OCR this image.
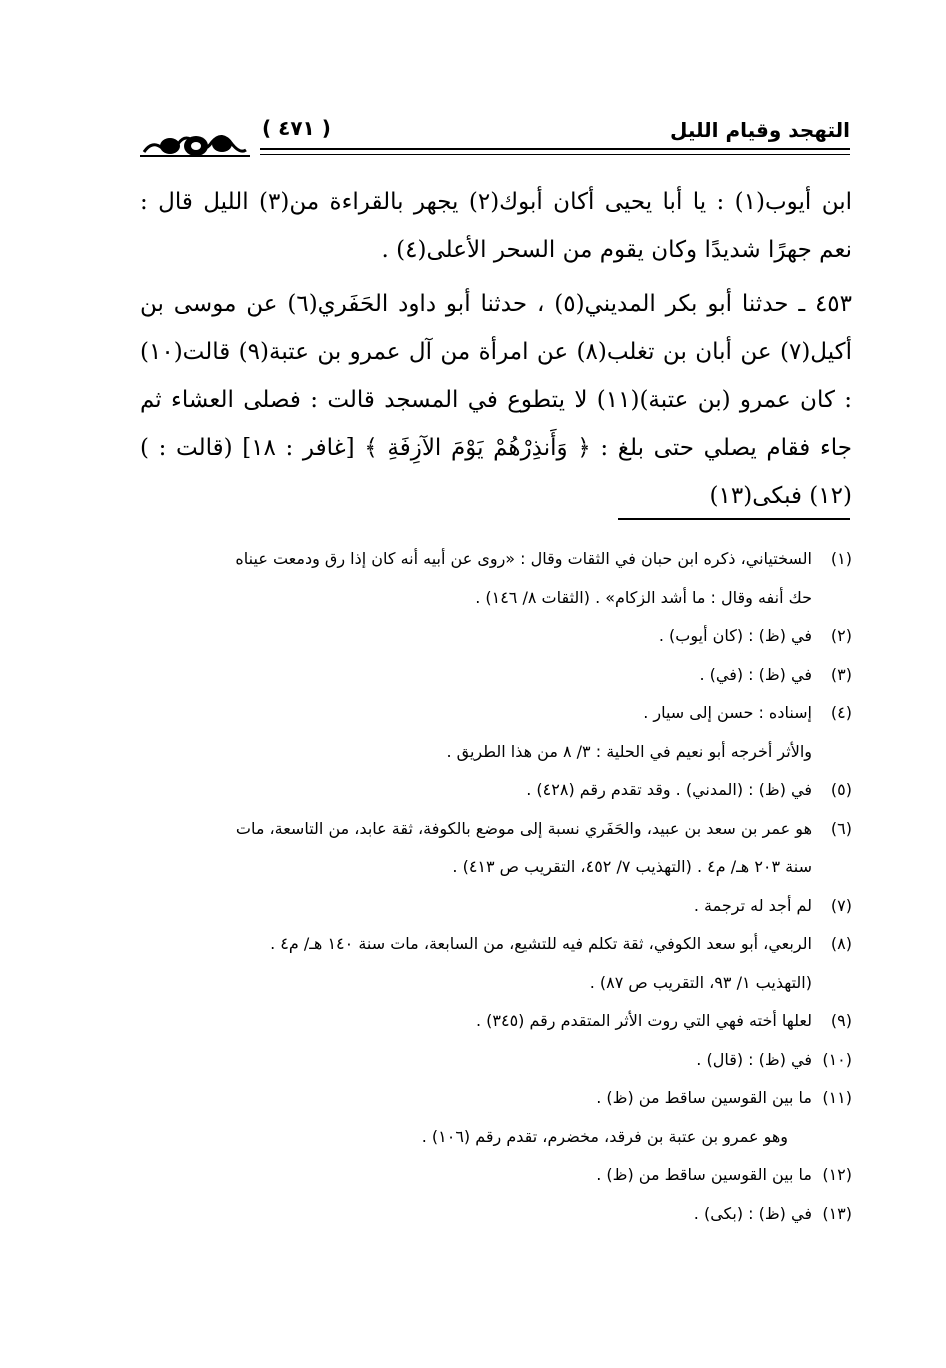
التهجد وقيام الليل
( ٤٧١ )

ابن أيوب(١) : يا أبا يحيى أكان أبوك(٢) يجهر بالقراءة من(٣) الليل قال : نعم جهرًا شديدًا وكان يقوم من السحر الأعلى(٤) .

٤٥٣ ـ حدثنا أبو بكر المديني(٥) ، حدثنا أبو داود الحَفَري(٦) عن موسى بن أكيل(٧) عن أبان بن تغلب(٨) عن امرأة من آل عمرو بن عتبة(٩) قالت(١٠) : كان عمرو (بن عتبة)(١١) لا يتطوع في المسجد قالت : فصلى العشاء ثم جاء فقام يصلي حتى بلغ : ﴿ وَأَنذِرْهُمْ يَوْمَ الآزِفَةِ ﴾ [غافر : ١٨] (قالت : )(١٢) فبكى(١٣)

(١)
السختياني، ذكره ابن حبان في الثقات وقال : «روى عن أبيه أنه كان إذا رق ودمعت عيناه
حك أنفه وقال : ما أشد الزكام» . (الثقات ٨/ ١٤٦) .
(٢)
في (ظ) : (كان أيوب) .
(٣)
في (ظ) : (في) .
(٤)
إسناده : حسن إلى سيار .
والأثر أخرجه أبو نعيم في الحلية : ٣/ ٨ من هذا الطريق .
(٥)
في (ظ) : (المدني) . وقد تقدم رقم (٤٢٨) .
(٦)
هو عمر بن سعد بن عبيد، والحَفَري نسبة إلى موضع بالكوفة، ثقة عابد، من التاسعة، مات
سنة ٢٠٣ هـ/ م٤ . (التهذيب ٧/ ٤٥٢، التقريب ص ٤١٣) .
(٧)
لم أجد له ترجمة .
(٨)
الربعي، أبو سعد الكوفي، ثقة تكلم فيه للتشيع، من السابعة، مات سنة ١٤٠ هـ/ م٤ .
(التهذيب ١/ ٩٣، التقريب ص ٨٧) .
(٩)
لعلها أخته فهي التي روت الأثر المتقدم رقم (٣٤٥) .
(١٠)
في (ظ) : (قال) .
(١١)
ما بين القوسين ساقط من (ظ) .
وهو عمرو بن عتبة بن فرقد، مخضرم، تقدم رقم (١٠٦) .
(١٢)
ما بين القوسين ساقط من (ظ) .
(١٣)
في (ظ) : (بكى) .
